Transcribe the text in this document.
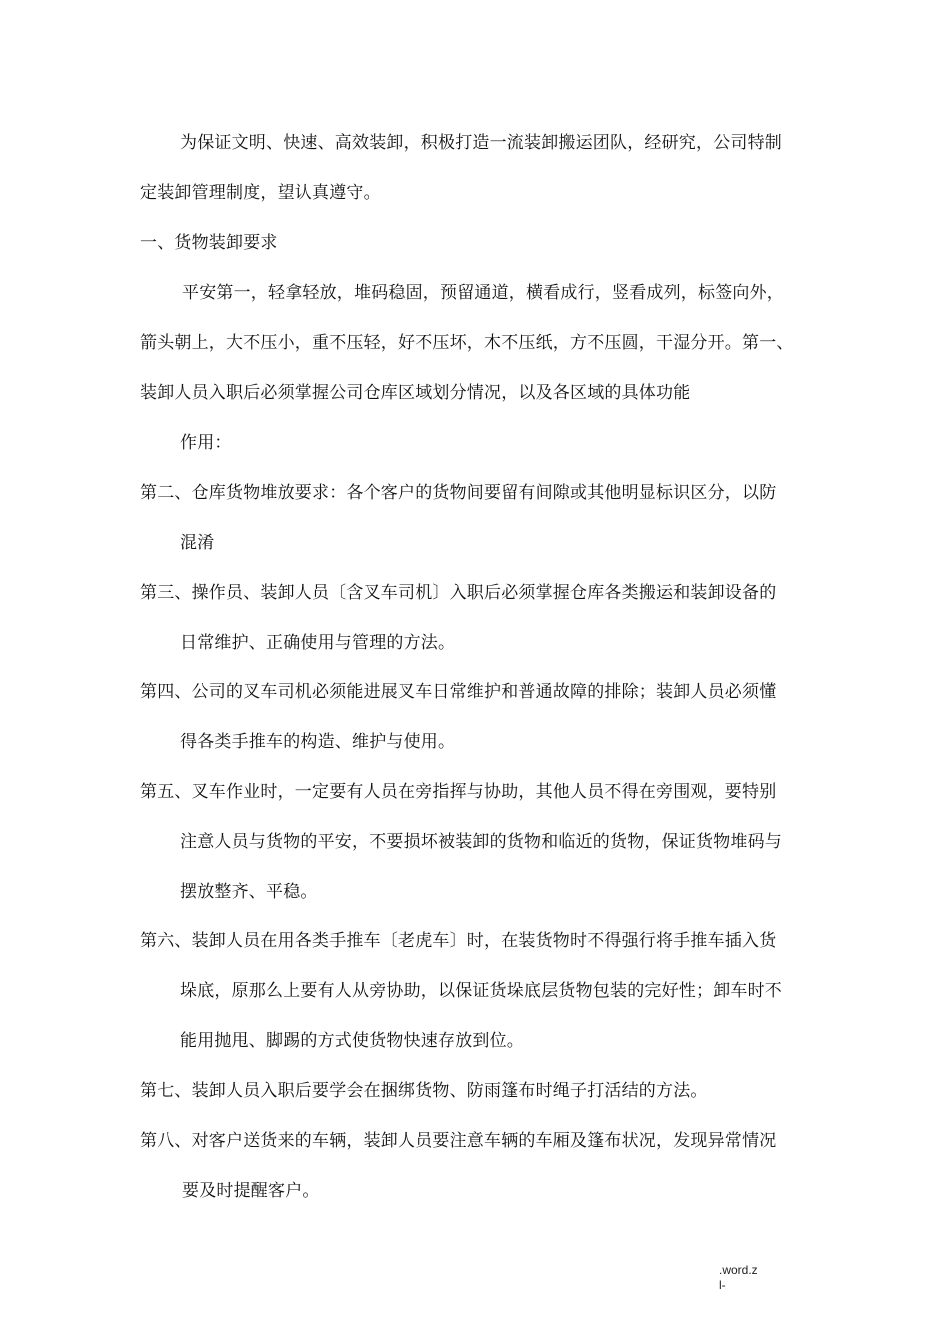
为保证文明、快速、高效装卸，积极打造一流装卸搬运团队，经研究，公司特制
定装卸管理制度，望认真遵守。
一、货物装卸要求
平安第一，轻拿轻放，堆码稳固，预留通道，横看成行，竖看成列，标签向外，
箭头朝上，大不压小，重不压轻，好不压坏，木不压纸，方不压圆，干湿分开。第一、
装卸人员入职后必须掌握公司仓库区域划分情况，以及各区域的具体功能
作用：
第二、仓库货物堆放要求：各个客户的货物间要留有间隙或其他明显标识区分，以防
混淆
第三、操作员、装卸人员〔含叉车司机〕入职后必须掌握仓库各类搬运和装卸设备的
日常维护、正确使用与管理的方法。
第四、公司的叉车司机必须能进展叉车日常维护和普通故障的排除；装卸人员必须懂
得各类手推车的构造、维护与使用。
第五、叉车作业时，一定要有人员在旁指挥与协助，其他人员不得在旁围观，要特别
注意人员与货物的平安，不要损坏被装卸的货物和临近的货物，保证货物堆码与
摆放整齐、平稳。
第六、装卸人员在用各类手推车〔老虎车〕时，在装货物时不得强行将手推车插入货
垛底，原那么上要有人从旁协助，以保证货垛底层货物包装的完好性；卸车时不
能用抛甩、脚踢的方式使货物快速存放到位。
第七、装卸人员入职后要学会在捆绑货物、防雨篷布时绳子打活结的方法。
第八、对客户送货来的车辆，装卸人员要注意车辆的车厢及篷布状况，发现异常情况
要及时提醒客户。
.word.z
l-
